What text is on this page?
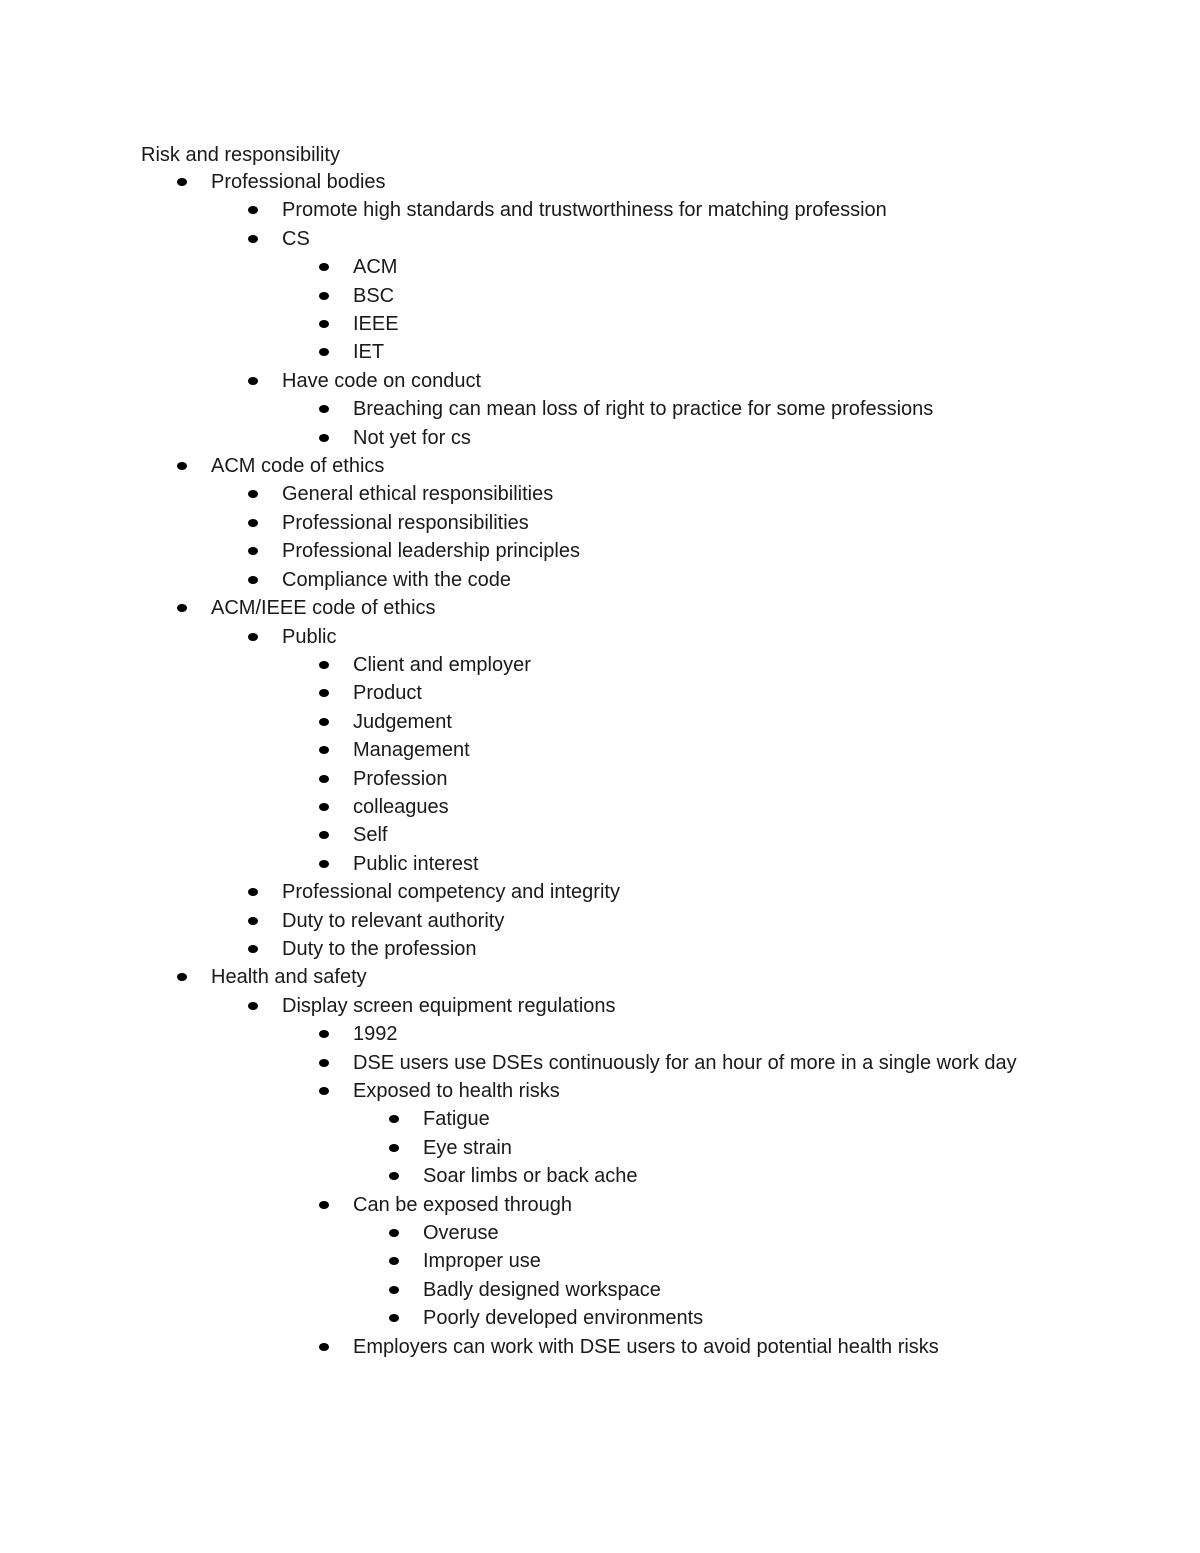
Risk and responsibility
Professional bodies
Promote high standards and trustworthiness for matching profession
CS
ACM
BSC
IEEE
IET
Have code on conduct
Breaching can mean loss of right to practice for some professions
Not yet for cs
ACM code of ethics
General ethical responsibilities
Professional responsibilities
Professional leadership principles
Compliance with the code
ACM/IEEE code of ethics
Public
Client and employer
Product
Judgement
Management
Profession
colleagues
Self
Public interest
Professional competency and integrity
Duty to relevant authority
Duty to the profession
Health and safety
Display screen equipment regulations
1992
DSE users use DSEs continuously for an hour of more in a single work day
Exposed to health risks
Fatigue
Eye strain
Soar limbs or back ache
Can be exposed through
Overuse
Improper use
Badly designed workspace
Poorly developed environments
Employers can work with DSE users to avoid potential health risks
